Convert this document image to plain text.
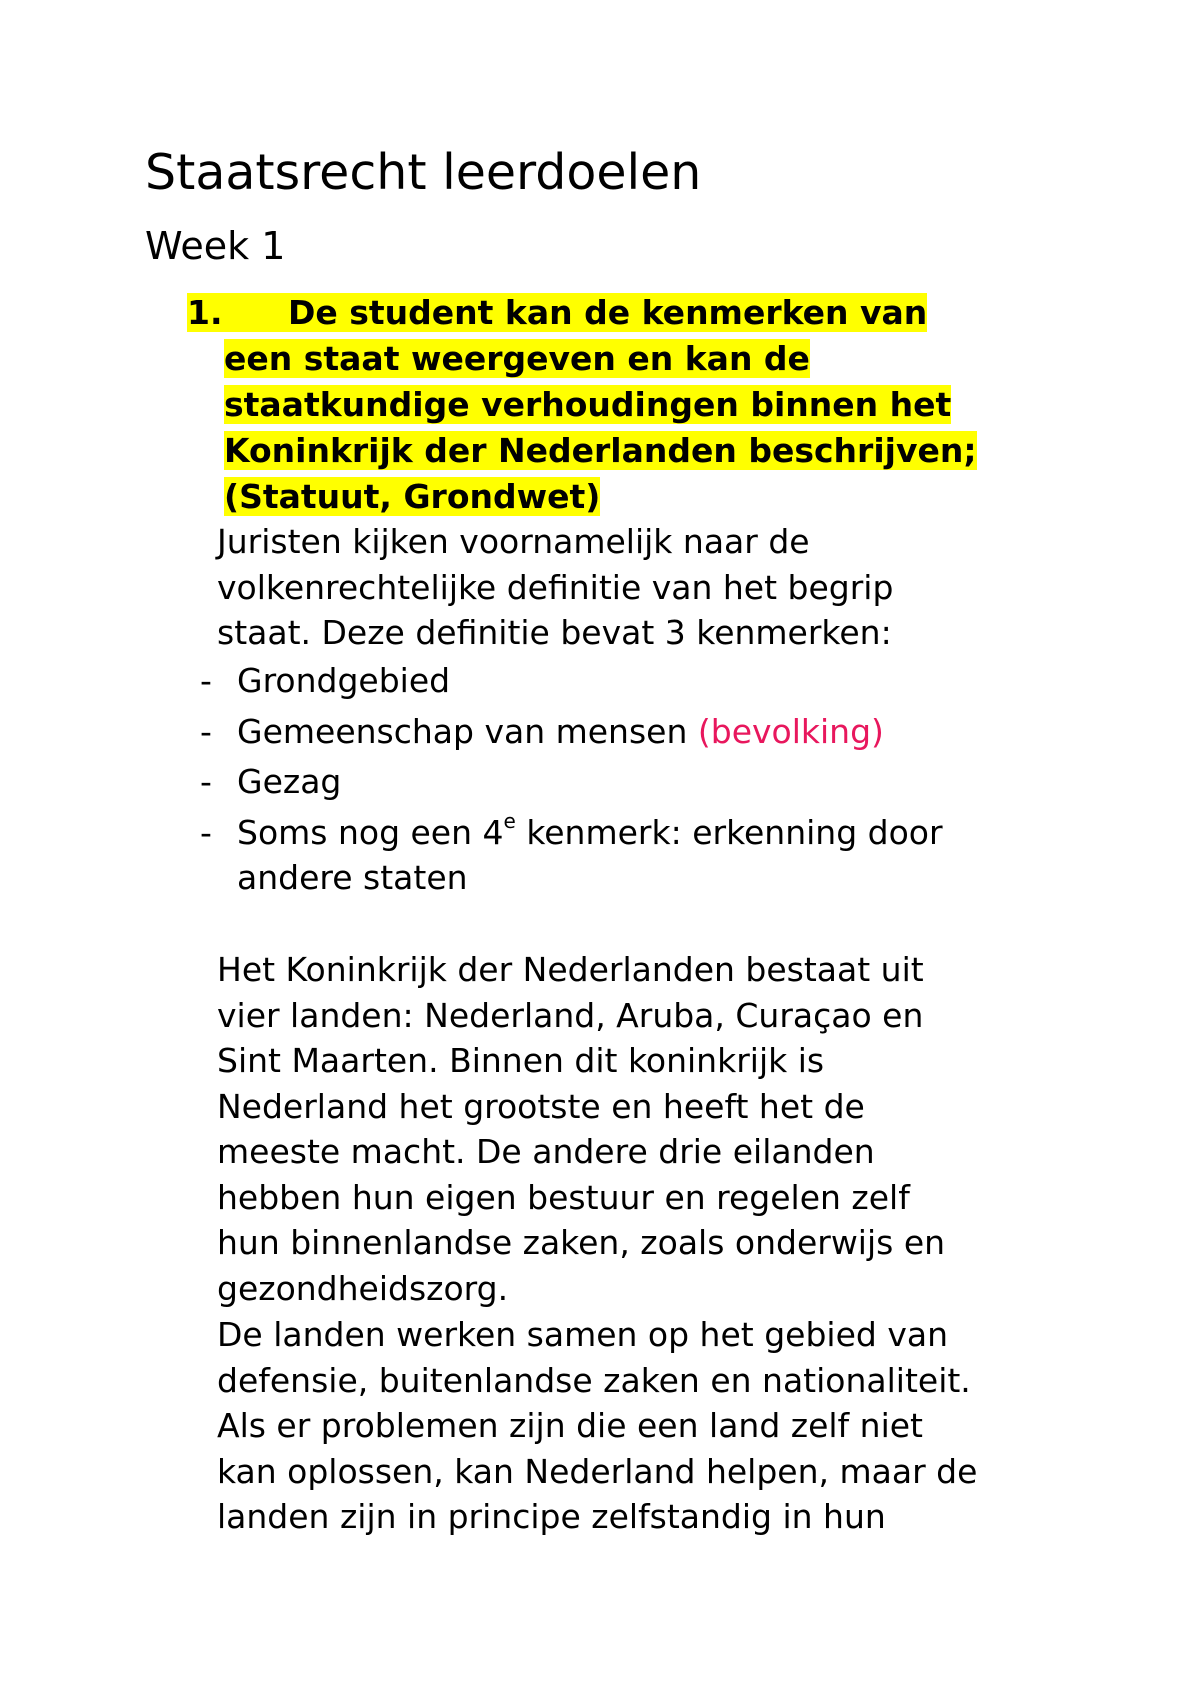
Staatsrecht leerdoelen
Week 1
1. De student kan de kenmerken van
een staat weergeven en kan de
staatkundige verhoudingen binnen het
Koninkrijk der Nederlanden beschrijven;
(Statuut, Grondwet)
Juristen kijken voornamelijk naar de
volkenrechtelijke definitie van het begrip
staat. Deze definitie bevat 3 kenmerken:
- Grondgebied
- Gemeenschap van mensen (bevolking)
- Gezag
- Soms nog een 4e kenmerk: erkenning door
andere staten
Het Koninkrijk der Nederlanden bestaat uit
vier landen: Nederland, Aruba, Curaçao en
Sint Maarten. Binnen dit koninkrijk is
Nederland het grootste en heeft het de
meeste macht. De andere drie eilanden
hebben hun eigen bestuur en regelen zelf
hun binnenlandse zaken, zoals onderwijs en
gezondheidszorg.
De landen werken samen op het gebied van
defensie, buitenlandse zaken en nationaliteit.
Als er problemen zijn die een land zelf niet
kan oplossen, kan Nederland helpen, maar de
landen zijn in principe zelfstandig in hun
